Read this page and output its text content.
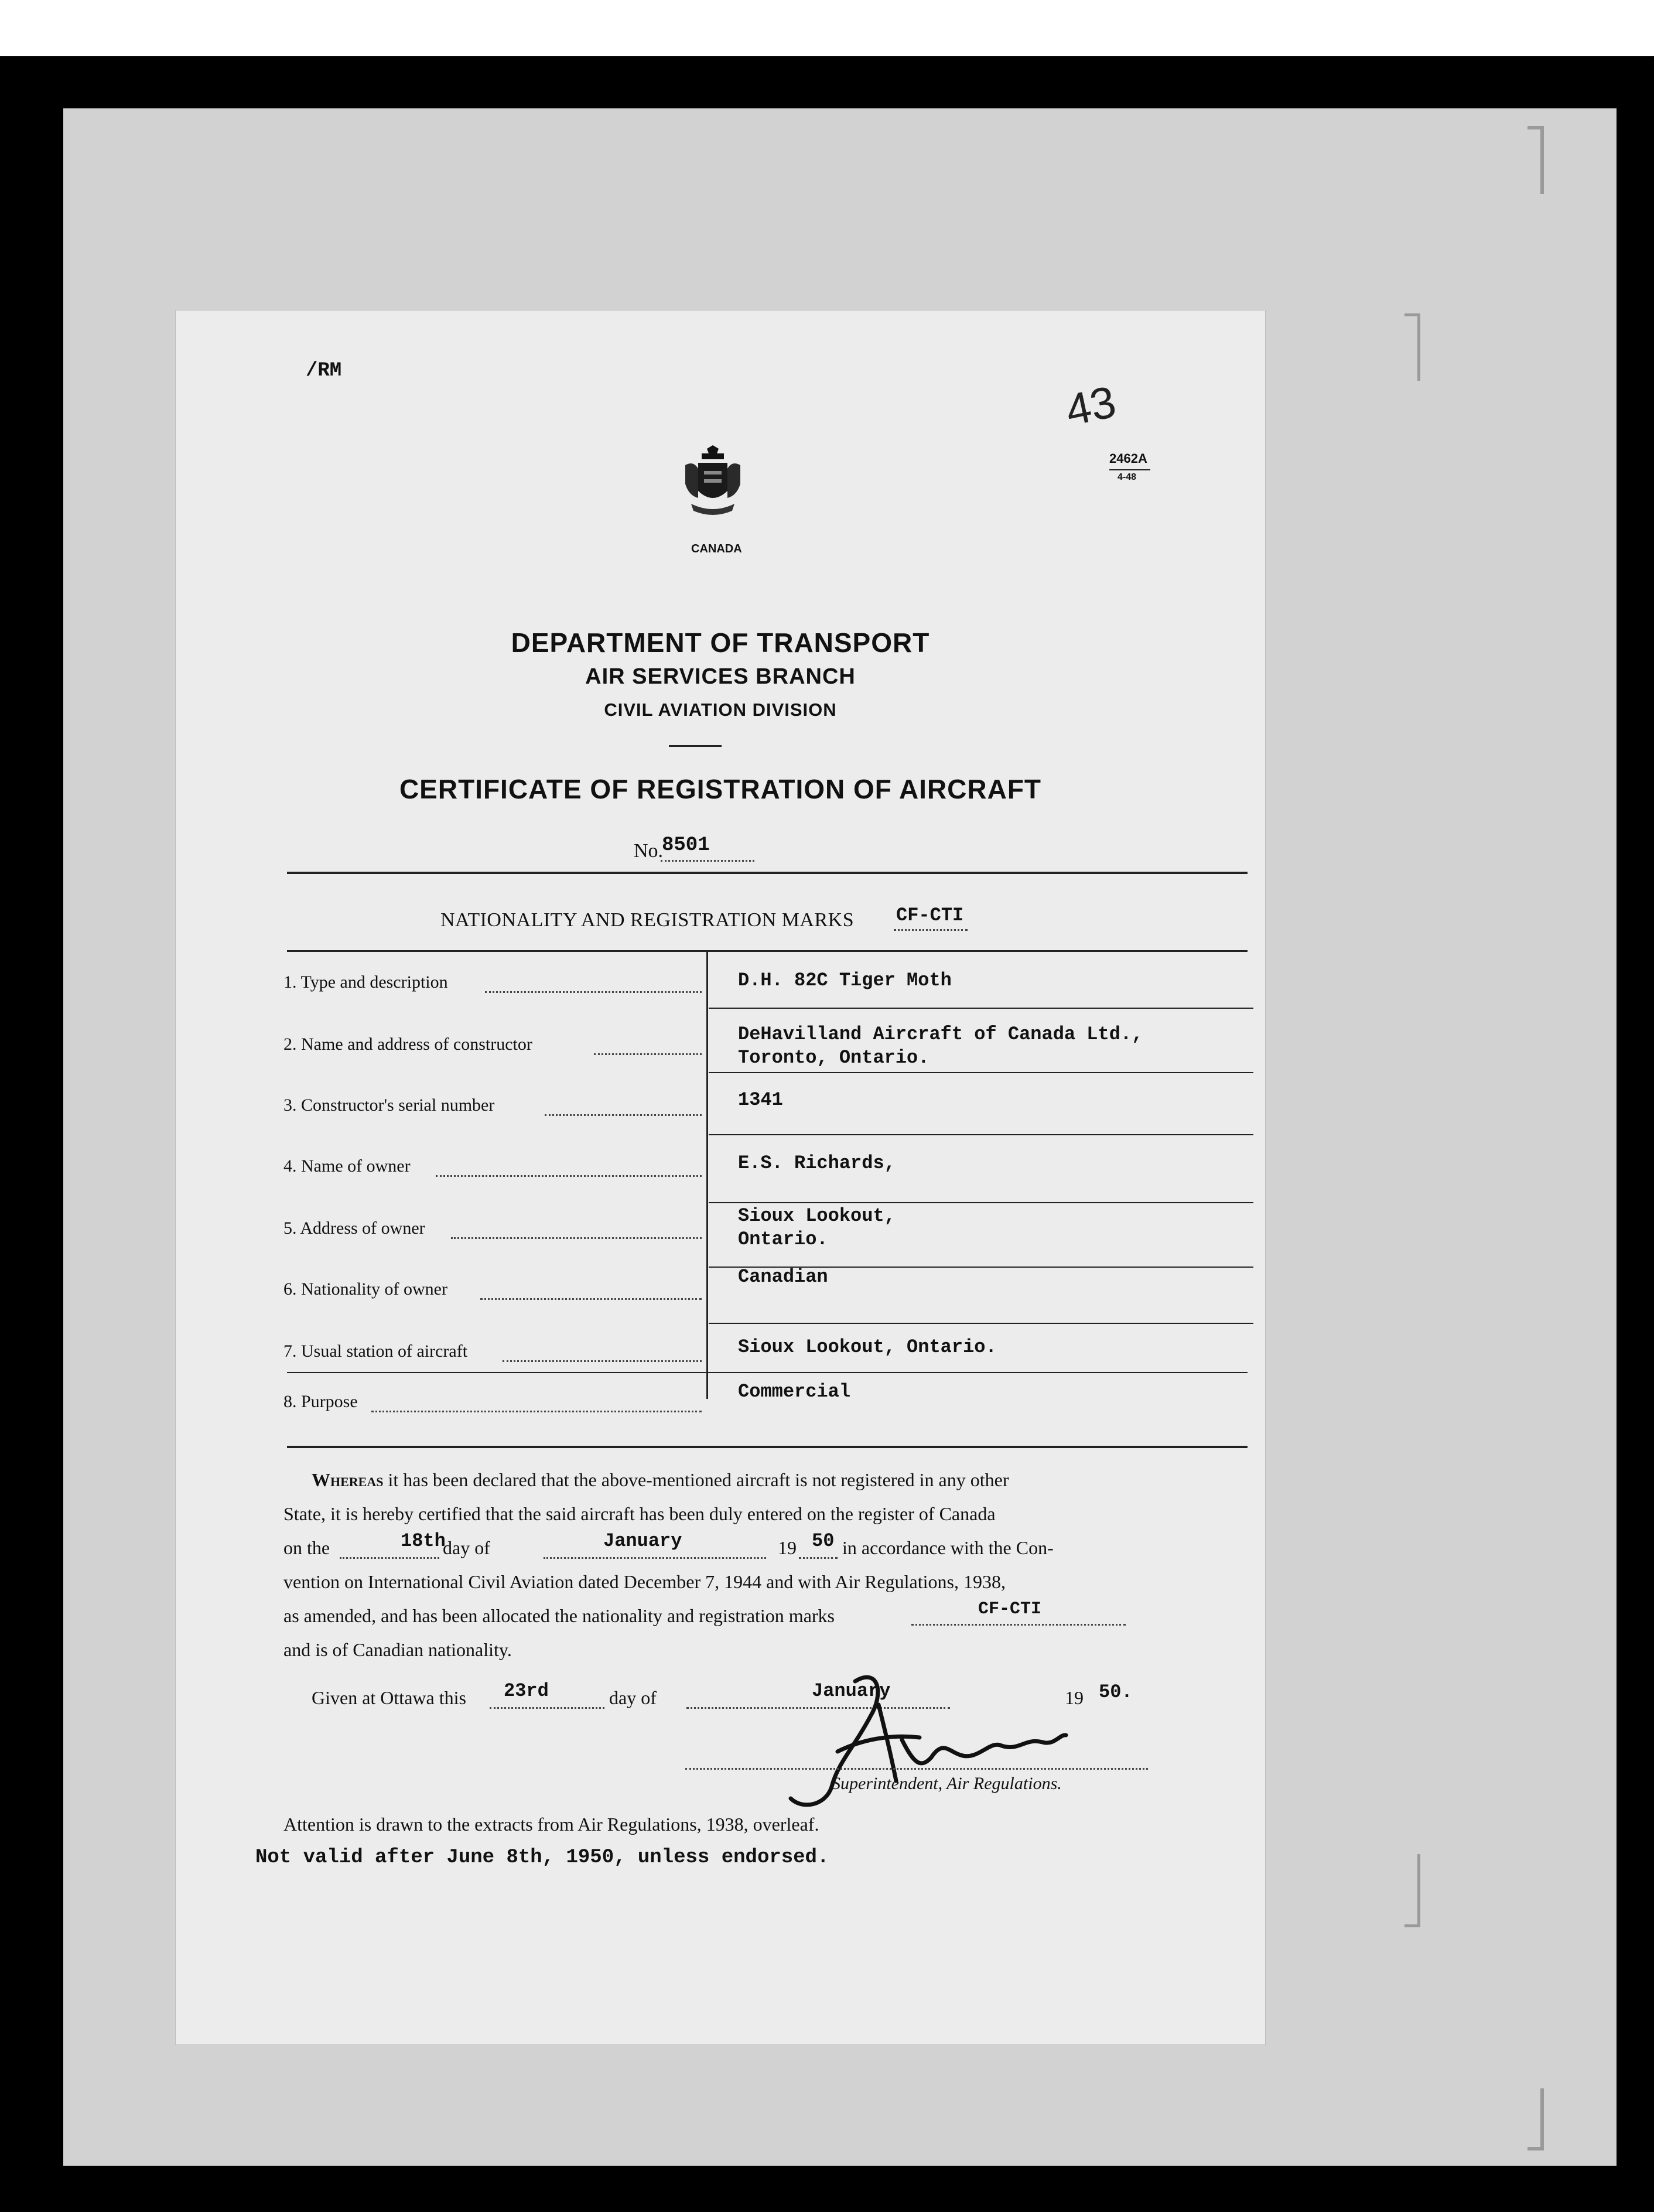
/RM
43
2462A
4-48
CANADA
DEPARTMENT OF TRANSPORT
AIR SERVICES BRANCH
CIVIL AVIATION DIVISION
CERTIFICATE OF REGISTRATION OF AIRCRAFT
No.
8501
NATIONALITY AND REGISTRATION MARKS CF-CTI
1. Type and description	D.H. 82C Tiger Moth
2. Name and address of constructor	DeHavilland Aircraft of Canada Ltd.,
Toronto, Ontario.
3. Constructor's serial number	1341
4. Name of owner	E.S. Richards,
5. Address of owner
Sioux Lookout,
Ontario.
6. Nationality of owner
Canadian
7. Usual station of aircraft	Sioux Lookout, Ontario.
8. Purpose	Commercial
Whereas it has been declared that the above-mentioned aircraft is not registered in any other
State, it is hereby certified that the said aircraft has been duly entered on the register of Canada
on the	18th
day of	January	19 50 in accordance with the Con-
vention on International Civil Aviation dated December 7, 1944 and with Air Regulations, 1938,
as amended, and has been allocated the nationality and registration marks	CF-CTI
and is of Canadian nationality.
Given at Ottawa this 23rd	day of	January	19 50.
Superintendent, Air Regulations.
Attention is drawn to the extracts from Air Regulations, 1938, overleaf.
Not valid after June 8th, 1950, unless endorsed.
